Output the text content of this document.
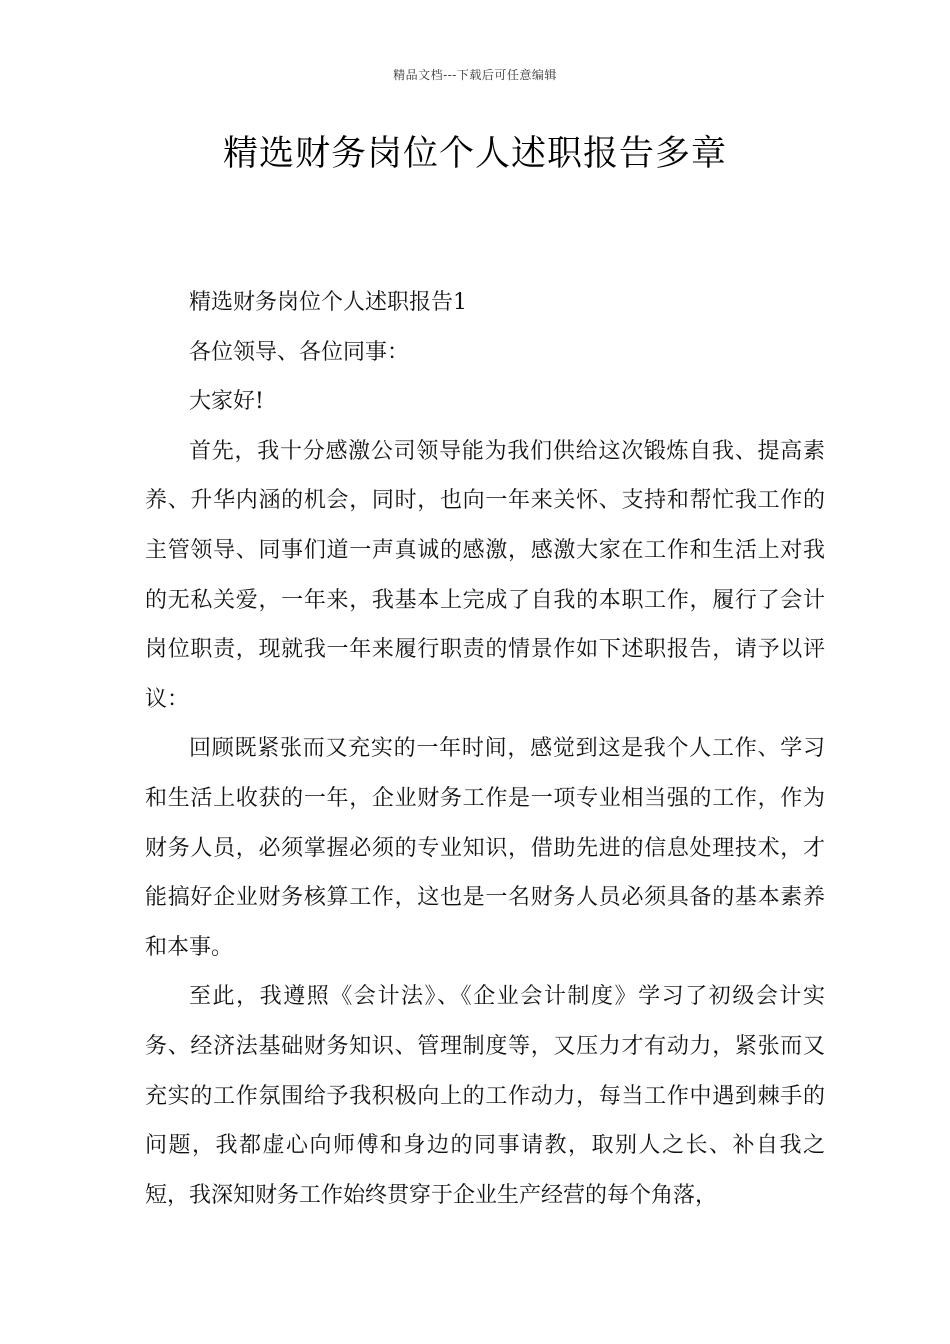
精品文档---下载后可任意编辑
精选财务岗位个人述职报告多章

精选财务岗位个人述职报告1

各位领导、各位同事：

大家好!

首先，我十分感激公司领导能为我们供给这次锻炼自我、提高素养、升华内涵的机会，同时，也向一年来关怀、支持和帮忙我工作的主管领导、同事们道一声真诚的感激，感激大家在工作和生活上对我的无私关爱，一年来，我基本上完成了自我的本职工作，履行了会计岗位职责，现就我一年来履行职责的情景作如下述职报告，请予以评议：

回顾既紧张而又充实的一年时间，感觉到这是我个人工作、学习和生活上收获的一年，企业财务工作是一项专业相当强的工作，作为财务人员，必须掌握必须的专业知识，借助先进的信息处理技术，才能搞好企业财务核算工作，这也是一名财务人员必须具备的基本素养和本事。

至此，我遵照《会计法》、《企业会计制度》学习了初级会计实务、经济法基础财务知识、管理制度等，又压力才有动力，紧张而又充实的工作氛围给予我积极向上的工作动力，每当工作中遇到棘手的问题，我都虚心向师傅和身边的同事请教，取别人之长、补自我之短，我深知财务工作始终贯穿于企业生产经营的每个角落，
